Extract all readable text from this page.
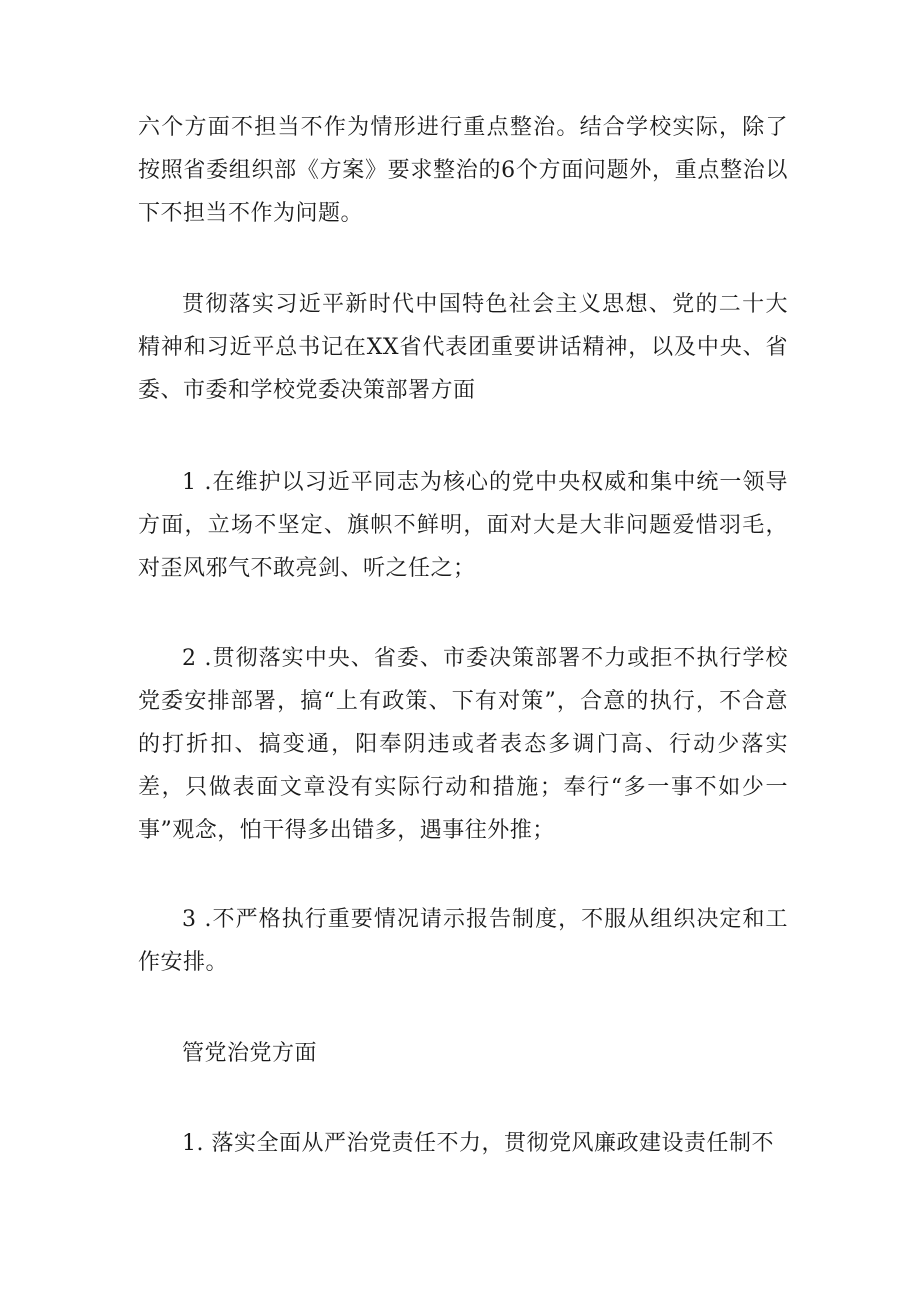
六个方面不担当不作为情形进行重点整治。结合学校实际，除了按照省委组织部《方案》要求整治的6个方面问题外，重点整治以下不担当不作为问题。

贯彻落实习近平新时代中国特色社会主义思想、党的二十大精神和习近平总书记在XX省代表团重要讲话精神，以及中央、省委、市委和学校党委决策部署方面

1 .在维护以习近平同志为核心的党中央权威和集中统一领导方面，立场不坚定、旗帜不鲜明，面对大是大非问题爱惜羽毛，对歪风邪气不敢亮剑、听之任之；

2 .贯彻落实中央、省委、市委决策部署不力或拒不执行学校党委安排部署，搞“上有政策、下有对策”，合意的执行，不合意的打折扣、搞变通，阳奉阴违或者表态多调门高、行动少落实差，只做表面文章没有实际行动和措施；奉行“多一事不如少一事”观念，怕干得多出错多，遇事往外推；

3 .不严格执行重要情况请示报告制度，不服从组织决定和工作安排。

管党治党方面

1. 落实全面从严治党责任不力，贯彻党风廉政建设责任制不
